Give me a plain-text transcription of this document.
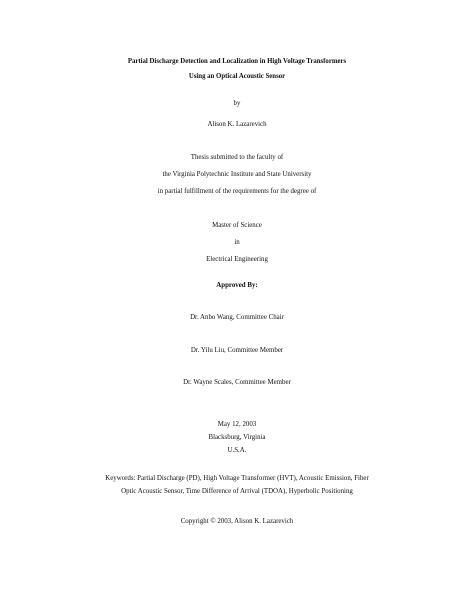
Partial Discharge Detection and Localization in High Voltage Transformers
Using an Optical Acoustic Sensor
by
Alison K. Lazarevich
Thesis submitted to the faculty of
the Virginia Polytechnic Institute and State University
in partial fulfillment of the requirements for the degree of
Master of Science
in
Electrical Engineering
Approved By:
Dr. Anbo Wang, Committee Chair
Dr. Yilu Liu, Committee Member
Dr. Wayne Scales, Committee Member
May 12, 2003
Blacksburg, Virginia
U.S.A.
Keywords: Partial Discharge (PD), High Voltage Transformer (HVT), Acoustic Emission, Fiber
Optic Acoustic Sensor, Time Difference of Arrival (TDOA), Hyperbolic Positioning
Copyright © 2003, Alison K. Lazarevich
